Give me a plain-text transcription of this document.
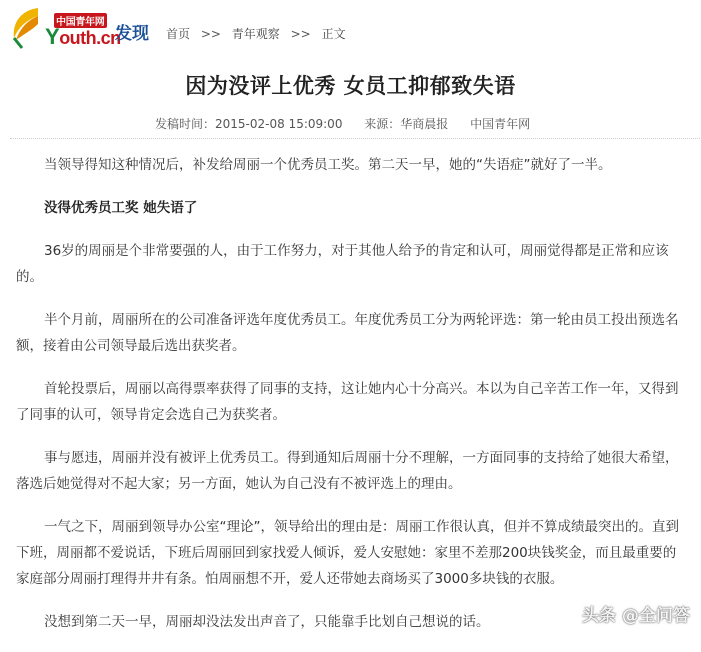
中国青年网
Youth.cn
发现 首页 >> 青年观察 >> 正文
因为没评上优秀 女员工抑郁致失语
发稿时间：2015-02-08 15:09:00 来源：华商晨报 中国青年网

当领导得知这种情况后，补发给周丽一个优秀员工奖。第二天一早，她的“失语症”就好了一半。

没得优秀员工奖 她失语了

36岁的周丽是个非常要强的人，由于工作努力，对于其他人给予的肯定和认可，周丽觉得都是正常和应该的。

半个月前，周丽所在的公司准备评选年度优秀员工。年度优秀员工分为两轮评选：第一轮由员工投出预选名额，接着由公司领导最后选出获奖者。

首轮投票后，周丽以高得票率获得了同事的支持，这让她内心十分高兴。本以为自己辛苦工作一年，又得到了同事的认可，领导肯定会选自己为获奖者。

事与愿违，周丽并没有被评上优秀员工。得到通知后周丽十分不理解，一方面同事的支持给了她很大希望，落选后她觉得对不起大家；另一方面，她认为自己没有不被评选上的理由。

一气之下，周丽到领导办公室“理论”，领导给出的理由是：周丽工作很认真，但并不算成绩最突出的。直到下班，周丽都不爱说话，下班后周丽回到家找爱人倾诉，爱人安慰她：家里不差那200块钱奖金，而且最重要的家庭部分周丽打理得井井有条。怕周丽想不开，爱人还带她去商场买了3000多块钱的衣服。

没想到第二天一早，周丽却没法发出声音了，只能靠手比划自己想说的话。	头条 @全问答
